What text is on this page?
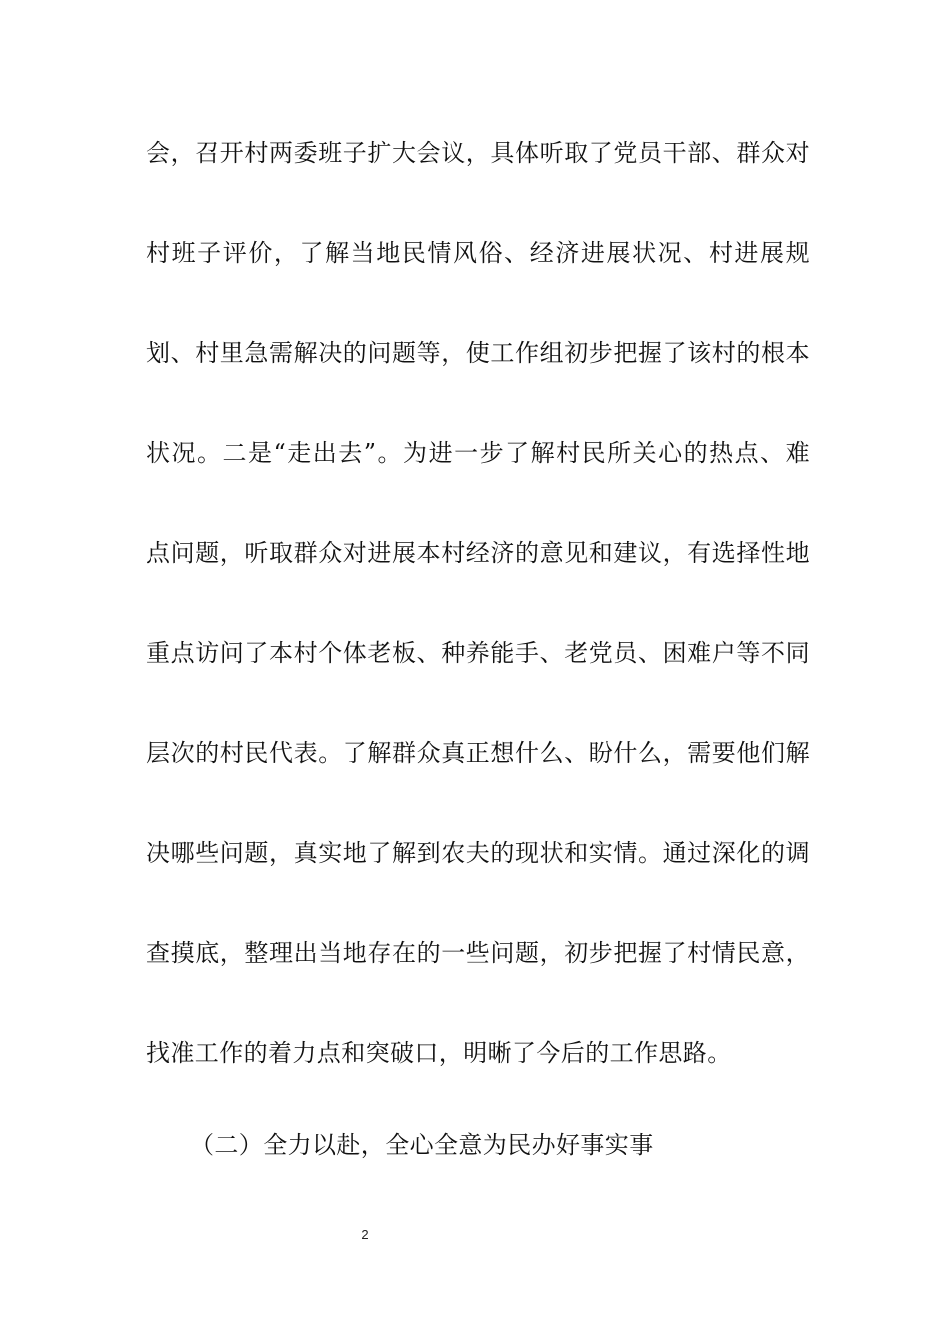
会，召开村两委班子扩大会议，具体听取了党员干部、群众对
村班子评价，了解当地民情风俗、经济进展状况、村进展规
划、村里急需解决的问题等，使工作组初步把握了该村的根本
状况。二是“走出去”。为进一步了解村民所关心的热点、难
点问题，听取群众对进展本村经济的意见和建议，有选择性地
重点访问了本村个体老板、种养能手、老党员、困难户等不同
层次的村民代表。了解群众真正想什么、盼什么，需要他们解
决哪些问题，真实地了解到农夫的现状和实情。通过深化的调
查摸底，整理出当地存在的一些问题，初步把握了村情民意，
找准工作的着力点和突破口，明晰了今后的工作思路。
（二）全力以赴，全心全意为民办好事实事
2
